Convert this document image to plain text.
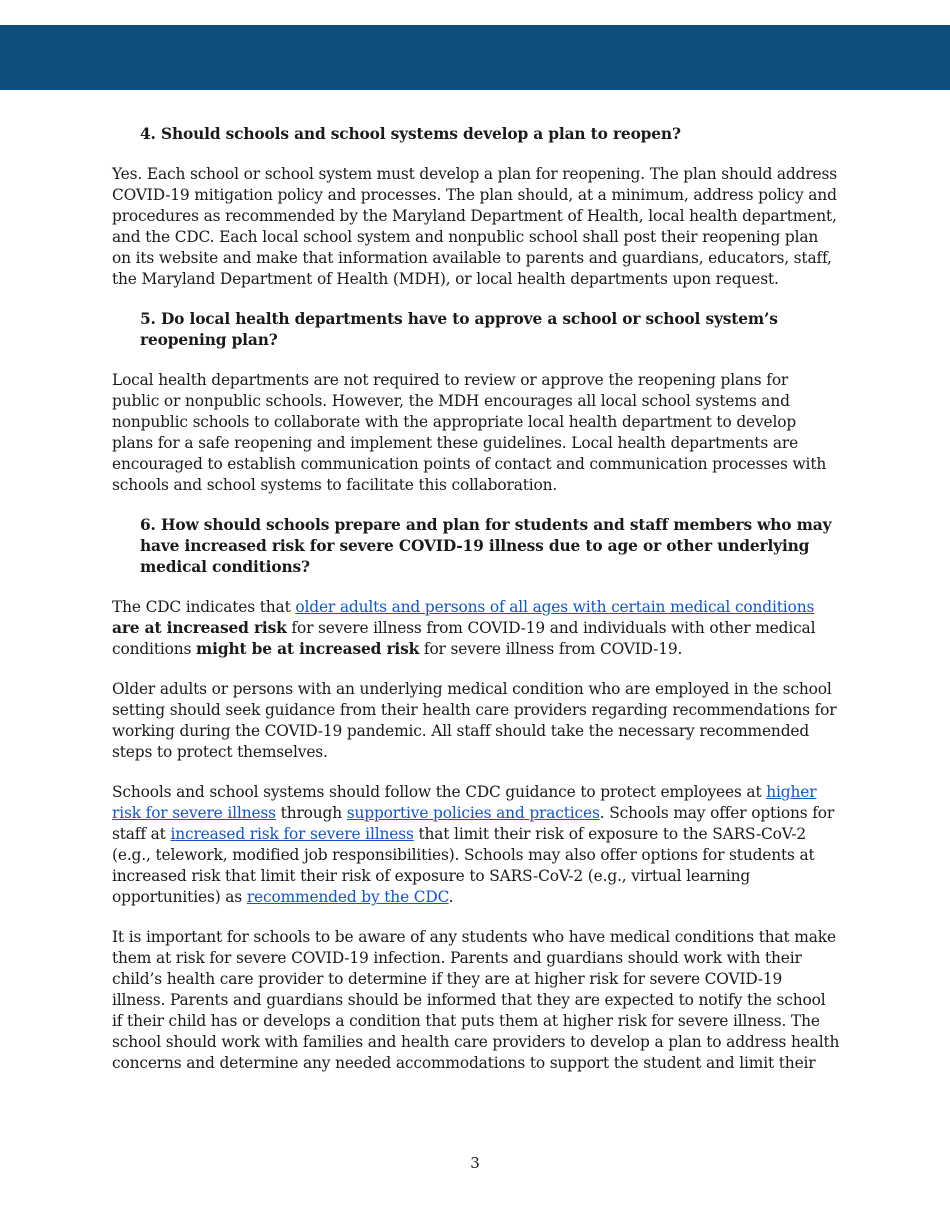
4. Should schools and school systems develop a plan to reopen?

Yes. Each school or school system must develop a plan for reopening. The plan should address COVID-19 mitigation policy and processes. The plan should, at a minimum, address policy and procedures as recommended by the Maryland Department of Health, local health department, and the CDC. Each local school system and nonpublic school shall post their reopening plan on its website and make that information available to parents and guardians, educators, staff, the Maryland Department of Health (MDH), or local health departments upon request.

5. Do local health departments have to approve a school or school system’s reopening plan?

Local health departments are not required to review or approve the reopening plans for public or nonpublic schools. However, the MDH encourages all local school systems and nonpublic schools to collaborate with the appropriate local health department to develop plans for a safe reopening and implement these guidelines. Local health departments are encouraged to establish communication points of contact and communication processes with schools and school systems to facilitate this collaboration.

6. How should schools prepare and plan for students and staff members who may have increased risk for severe COVID-19 illness due to age or other underlying medical conditions?

The CDC indicates that older adults and persons of all ages with certain medical conditions are at increased risk for severe illness from COVID-19 and individuals with other medical conditions might be at increased risk for severe illness from COVID-19.

Older adults or persons with an underlying medical condition who are employed in the school setting should seek guidance from their health care providers regarding recommendations for working during the COVID-19 pandemic. All staff should take the necessary recommended steps to protect themselves.

Schools and school systems should follow the CDC guidance to protect employees at higher risk for severe illness through supportive policies and practices. Schools may offer options for staff at increased risk for severe illness that limit their risk of exposure to the SARS-CoV-2 (e.g., telework, modified job responsibilities). Schools may also offer options for students at increased risk that limit their risk of exposure to SARS-CoV-2 (e.g., virtual learning opportunities) as recommended by the CDC.

It is important for schools to be aware of any students who have medical conditions that make them at risk for severe COVID-19 infection. Parents and guardians should work with their child’s health care provider to determine if they are at higher risk for severe COVID-19 illness. Parents and guardians should be informed that they are expected to notify the school if their child has or develops a condition that puts them at higher risk for severe illness. The school should work with families and health care providers to develop a plan to address health concerns and determine any needed accommodations to support the student and limit their

3
